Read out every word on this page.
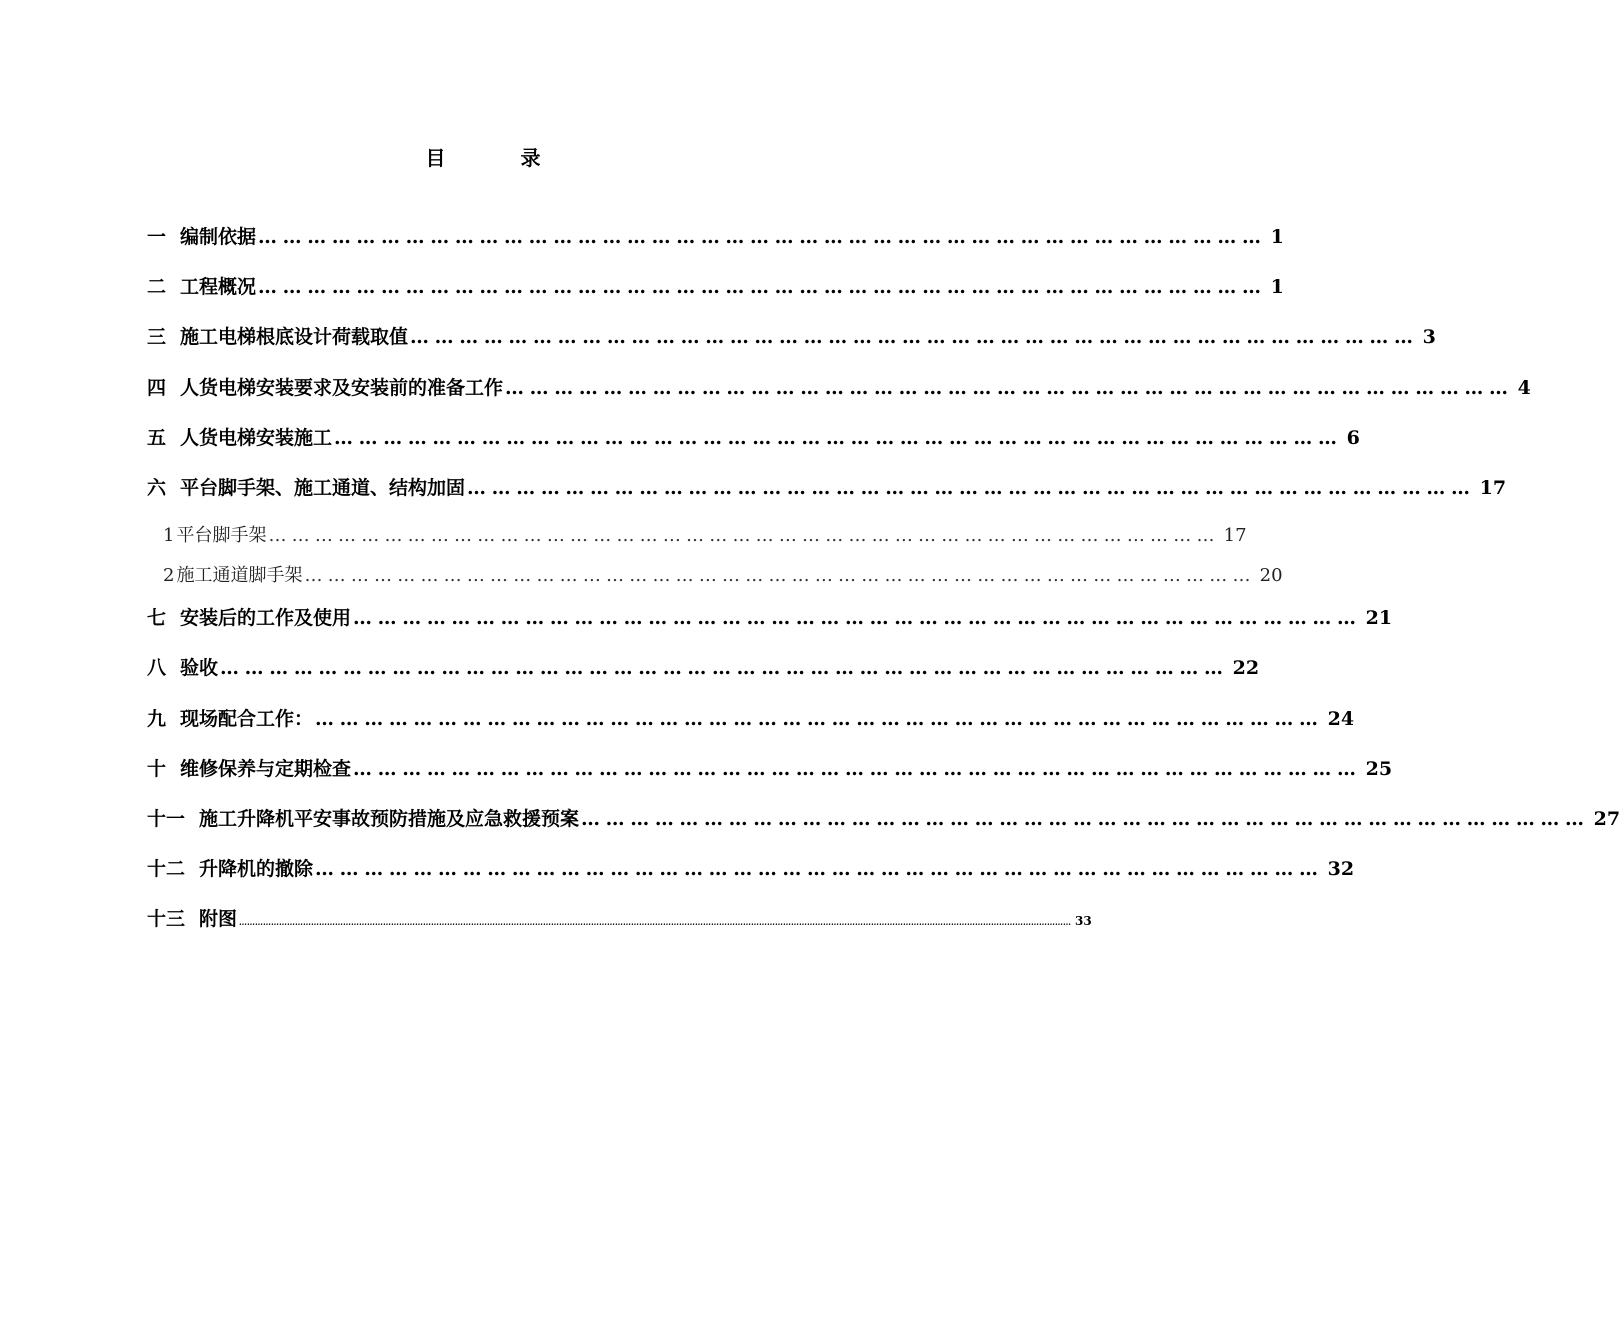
目 录
一 编制依据 …………………………………………………………………………………………………………… 1
二 工程概况 …………………………………………………………………………………………………………… 1
三 施工电梯根底设计荷载取值 …………………………………………………………………………………………………………… 3
四 人货电梯安装要求及安装前的准备工作 …………………………………………………………………………………………………………… 4
五 人货电梯安装施工 …………………………………………………………………………………………………………… 6
六 平台脚手架、施工通道、结构加固 …………………………………………………………………………………………………………… 17
1 平台脚手架 …………………………………………………………………………………………………………… 17
2 施工通道脚手架 …………………………………………………………………………………………………………… 20
七 安装后的工作及使用 …………………………………………………………………………………………………………… 21
八 验收 …………………………………………………………………………………………………………… 22
九 现场配合工作： …………………………………………………………………………………………………………… 24
十 维修保养与定期检查 …………………………………………………………………………………………………………… 25
十一 施工升降机平安事故预防措施及应急救援预案 …………………………………………………………………………………………………………… 27
十二 升降机的撤除 …………………………………………………………………………………………………………… 32
十三 附图 …………………………………………………………………………………………………………………………………………………………………………………………………………………………………………………………………………………… 33
